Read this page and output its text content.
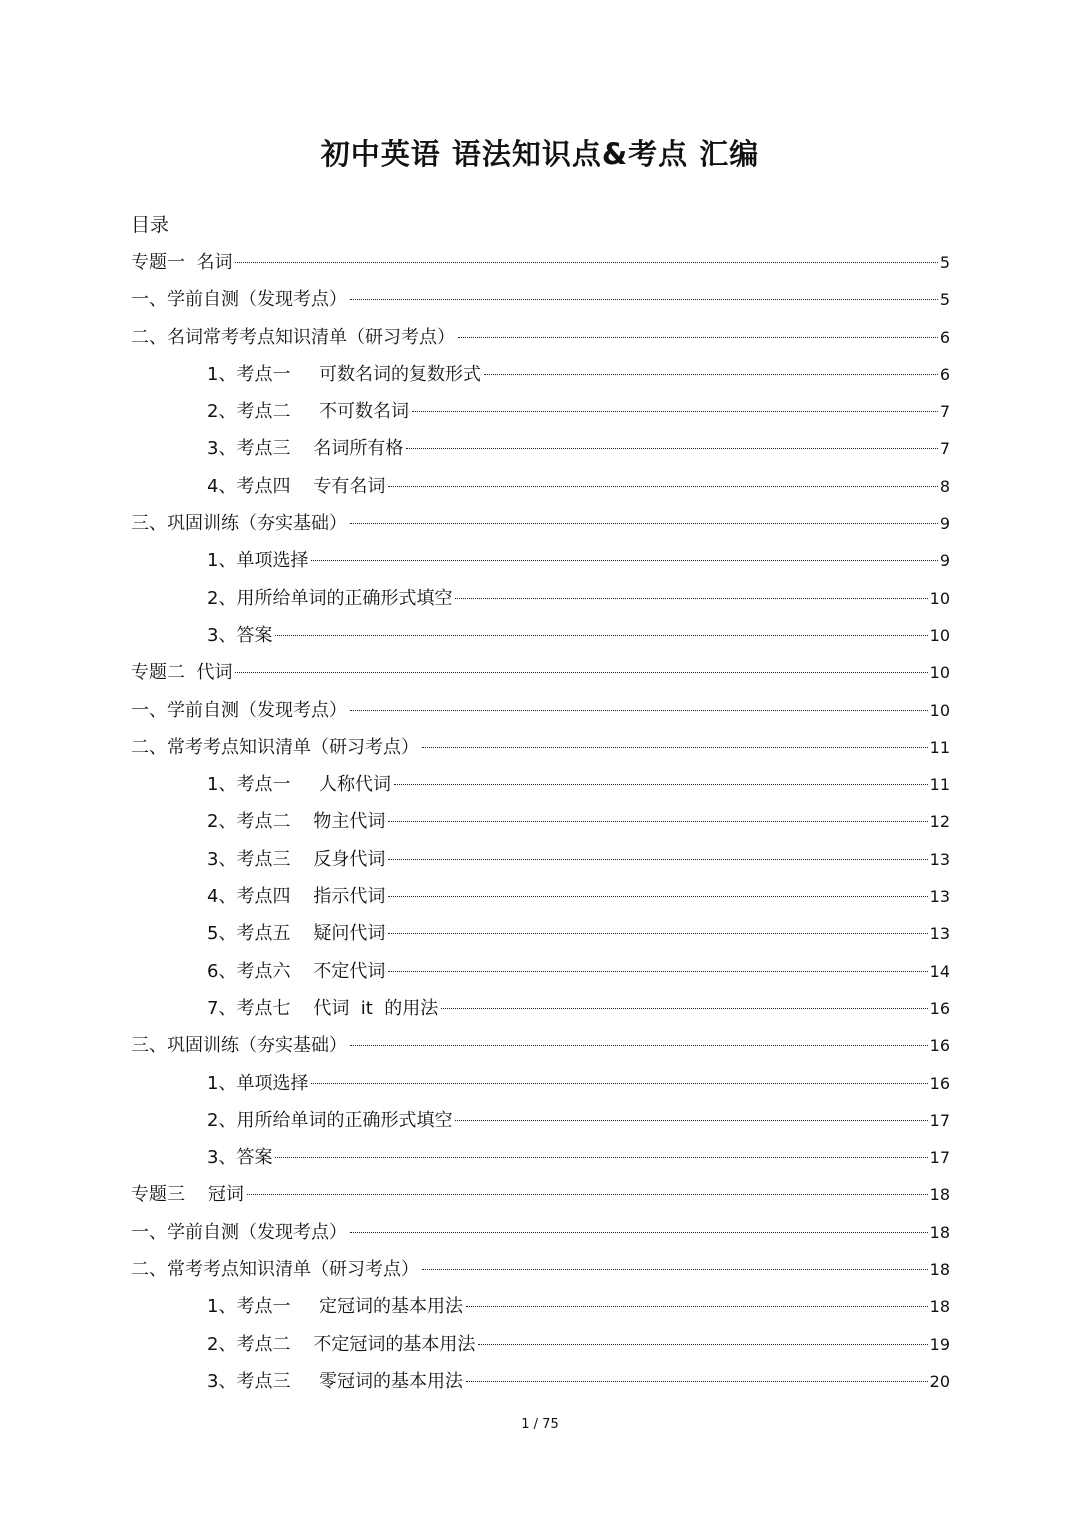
初中英语 语法知识点&考点 汇编
目录
专题一  名词	5
一、学前自测（发现考点）	5
二、名词常考考点知识清单（研习考点）	6
1、考点一     可数名词的复数形式	6
2、考点二     不可数名词	7
3、考点三    名词所有格	7
4、考点四    专有名词	8
三、巩固训练（夯实基础）	9
1、单项选择	9
2、用所给单词的正确形式填空	10
3、答案	10
专题二  代词	10
一、学前自测（发现考点）	10
二、常考考点知识清单（研习考点）	11
1、考点一     人称代词	11
2、考点二    物主代词	12
3、考点三    反身代词	13
4、考点四    指示代词	13
5、考点五    疑问代词	13
6、考点六    不定代词	14
7、考点七    代词  it  的用法	16
三、巩固训练（夯实基础）	16
1、单项选择	16
2、用所给单词的正确形式填空	17
3、答案	17
专题三    冠词	18
一、学前自测（发现考点）	18
二、常考考点知识清单（研习考点）	18
1、考点一     定冠词的基本用法	18
2、考点二    不定冠词的基本用法	19
3、考点三     零冠词的基本用法	20
1 / 75
